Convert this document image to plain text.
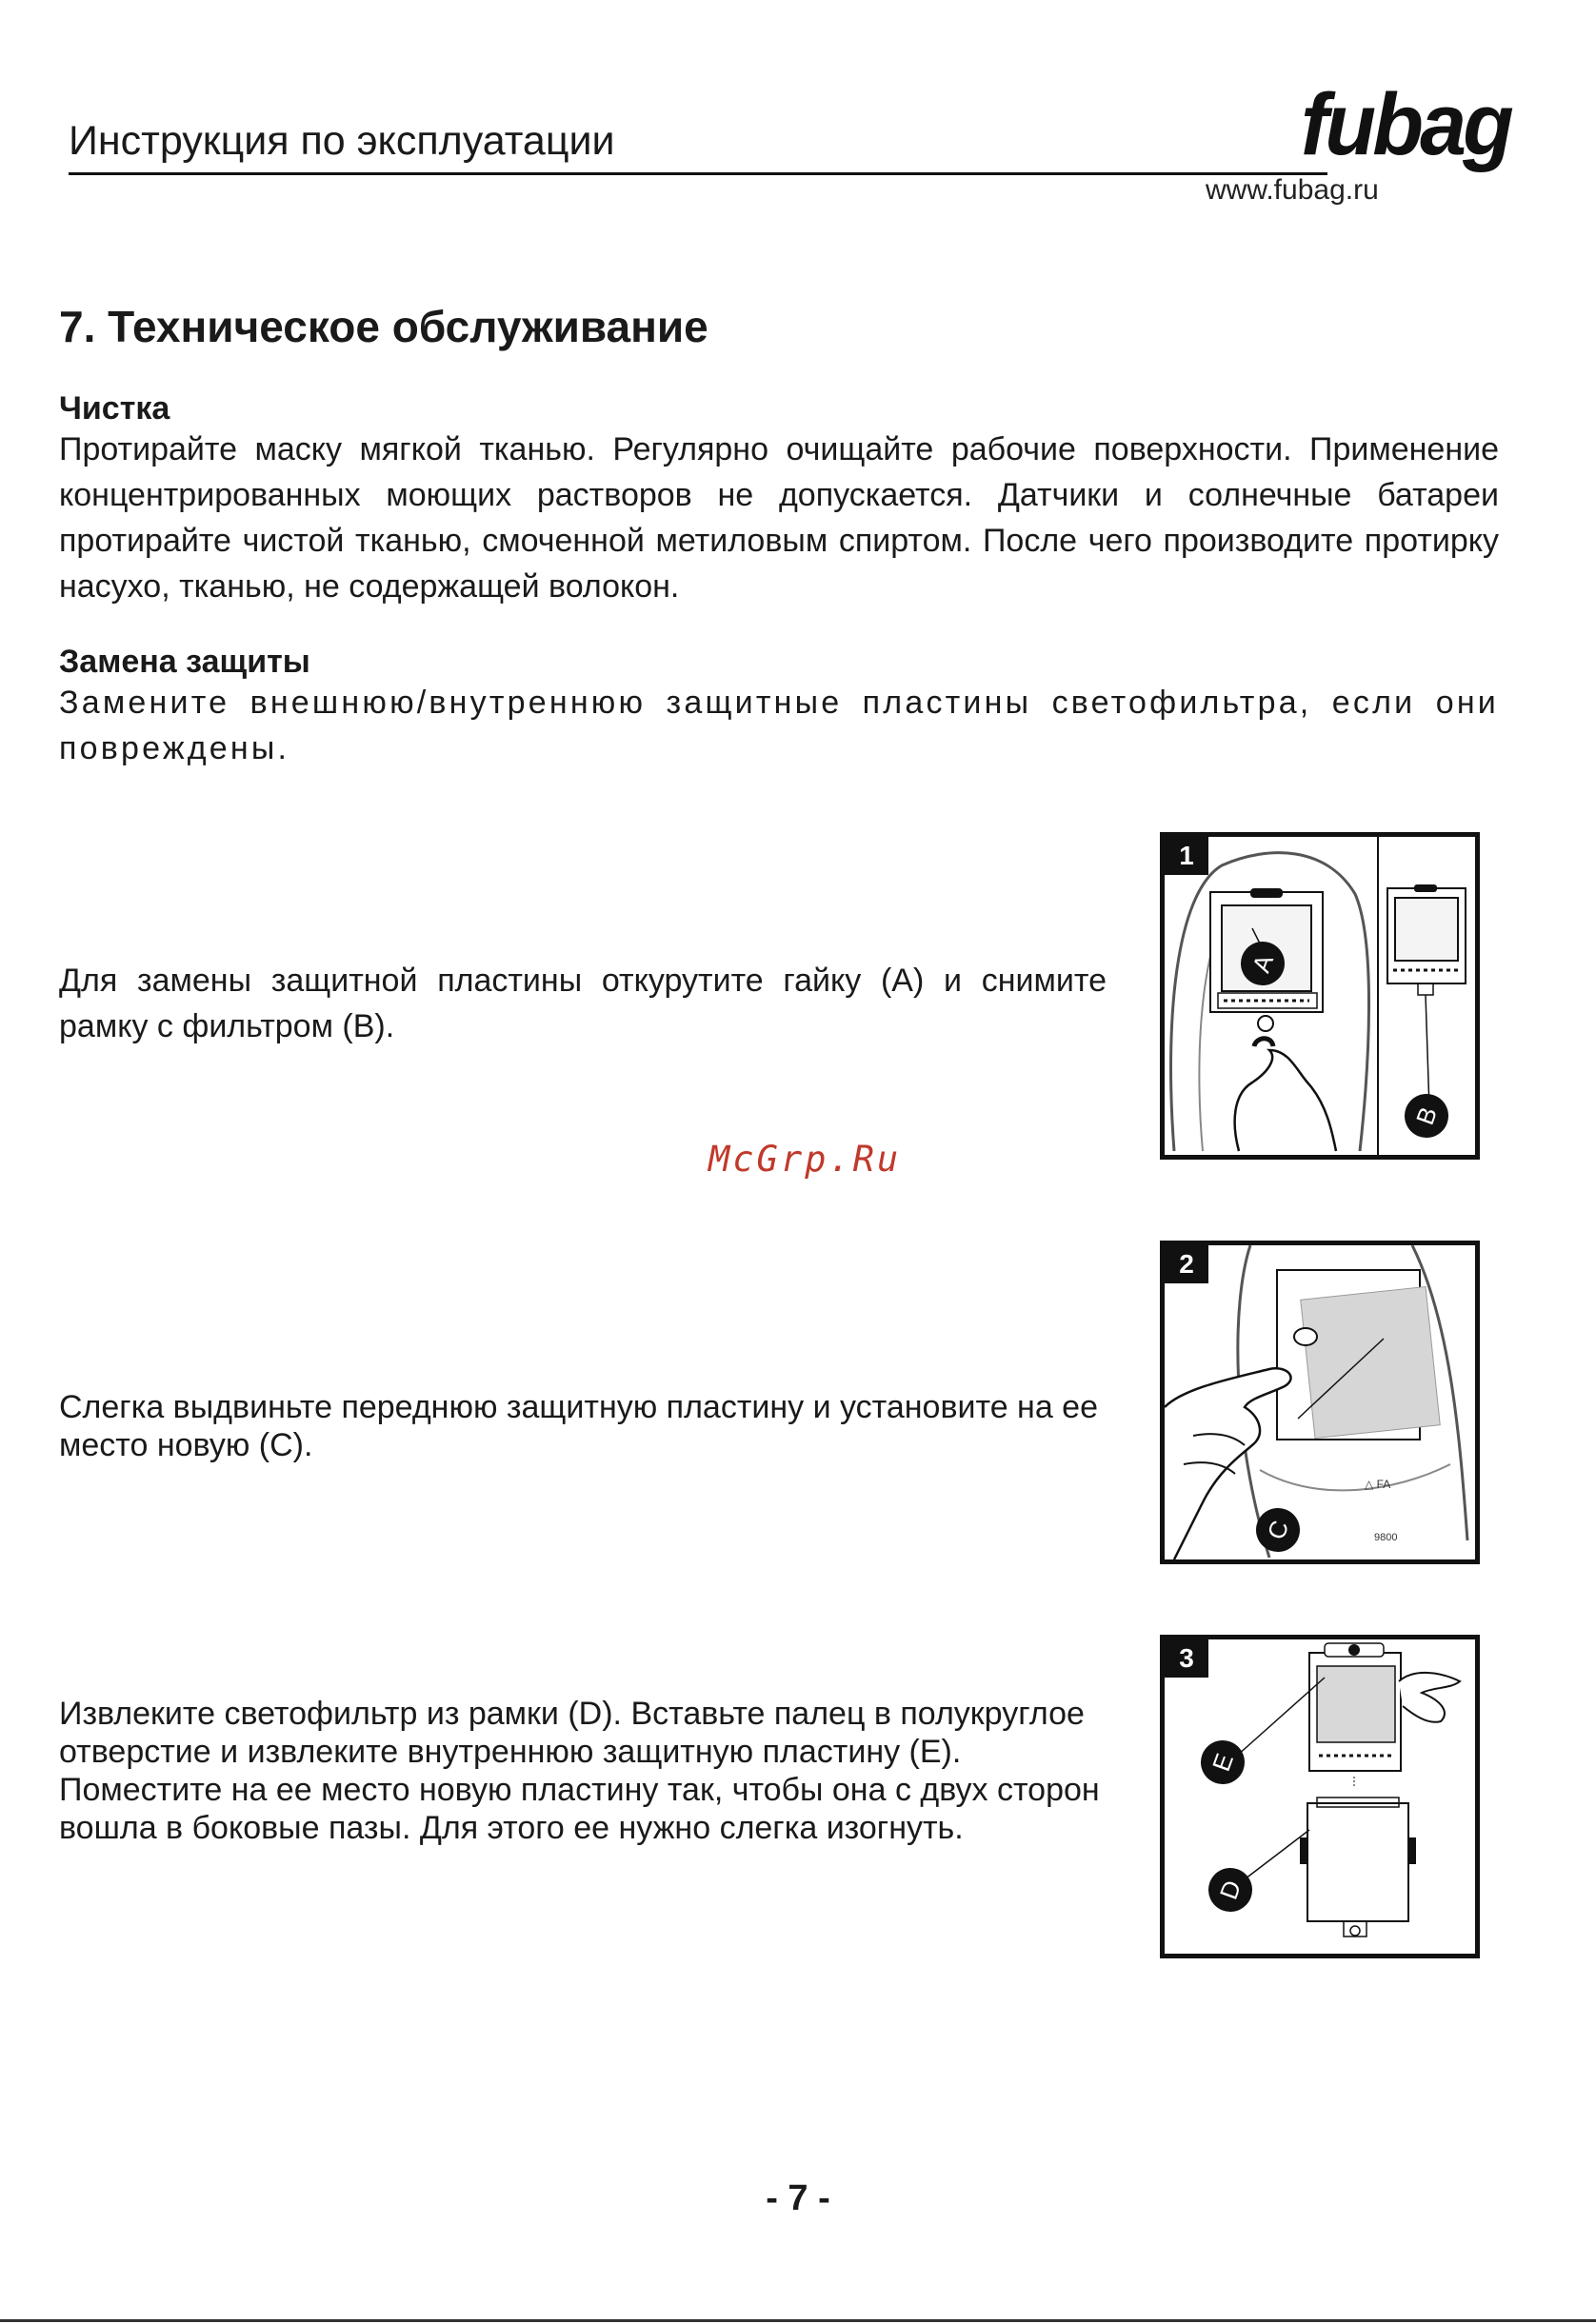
Инструкция по эксплуатации	fubag
www.fubag.ru
7. Техническое обслуживание
Чистка
Протирайте маску мягкой тканью. Регулярно очищайте рабочие поверхности. Применение концентрированных моющих растворов не допускается. Датчики и солнечные батареи протирайте чистой тканью, смоченной метиловым спиртом. После чего производите протирку насухо, тканью, не содержащей волокон.
Замена защиты
Замените внешнюю/внутреннюю защитные пластины светофильтра, если они повреждены.
Для замены защитной пластины откурутите гайку (A) и снимите рамку с фильтром (B).
1
A
B
McGrp.Ru
Слегка выдвиньте переднюю защитную пластину и установите на ее место новую (C).
2
△ FA
9800
C
Извлеките светофильтр из рамки (D). Вставьте палец в полукруглое отверстие и извлеките внутреннюю защитную пластину (E). Поместите на ее место новую пластину так, чтобы она с двух сторон вошла в боковые пазы. Для этого ее нужно слегка изогнуть.
3
E
D
- 7 -
